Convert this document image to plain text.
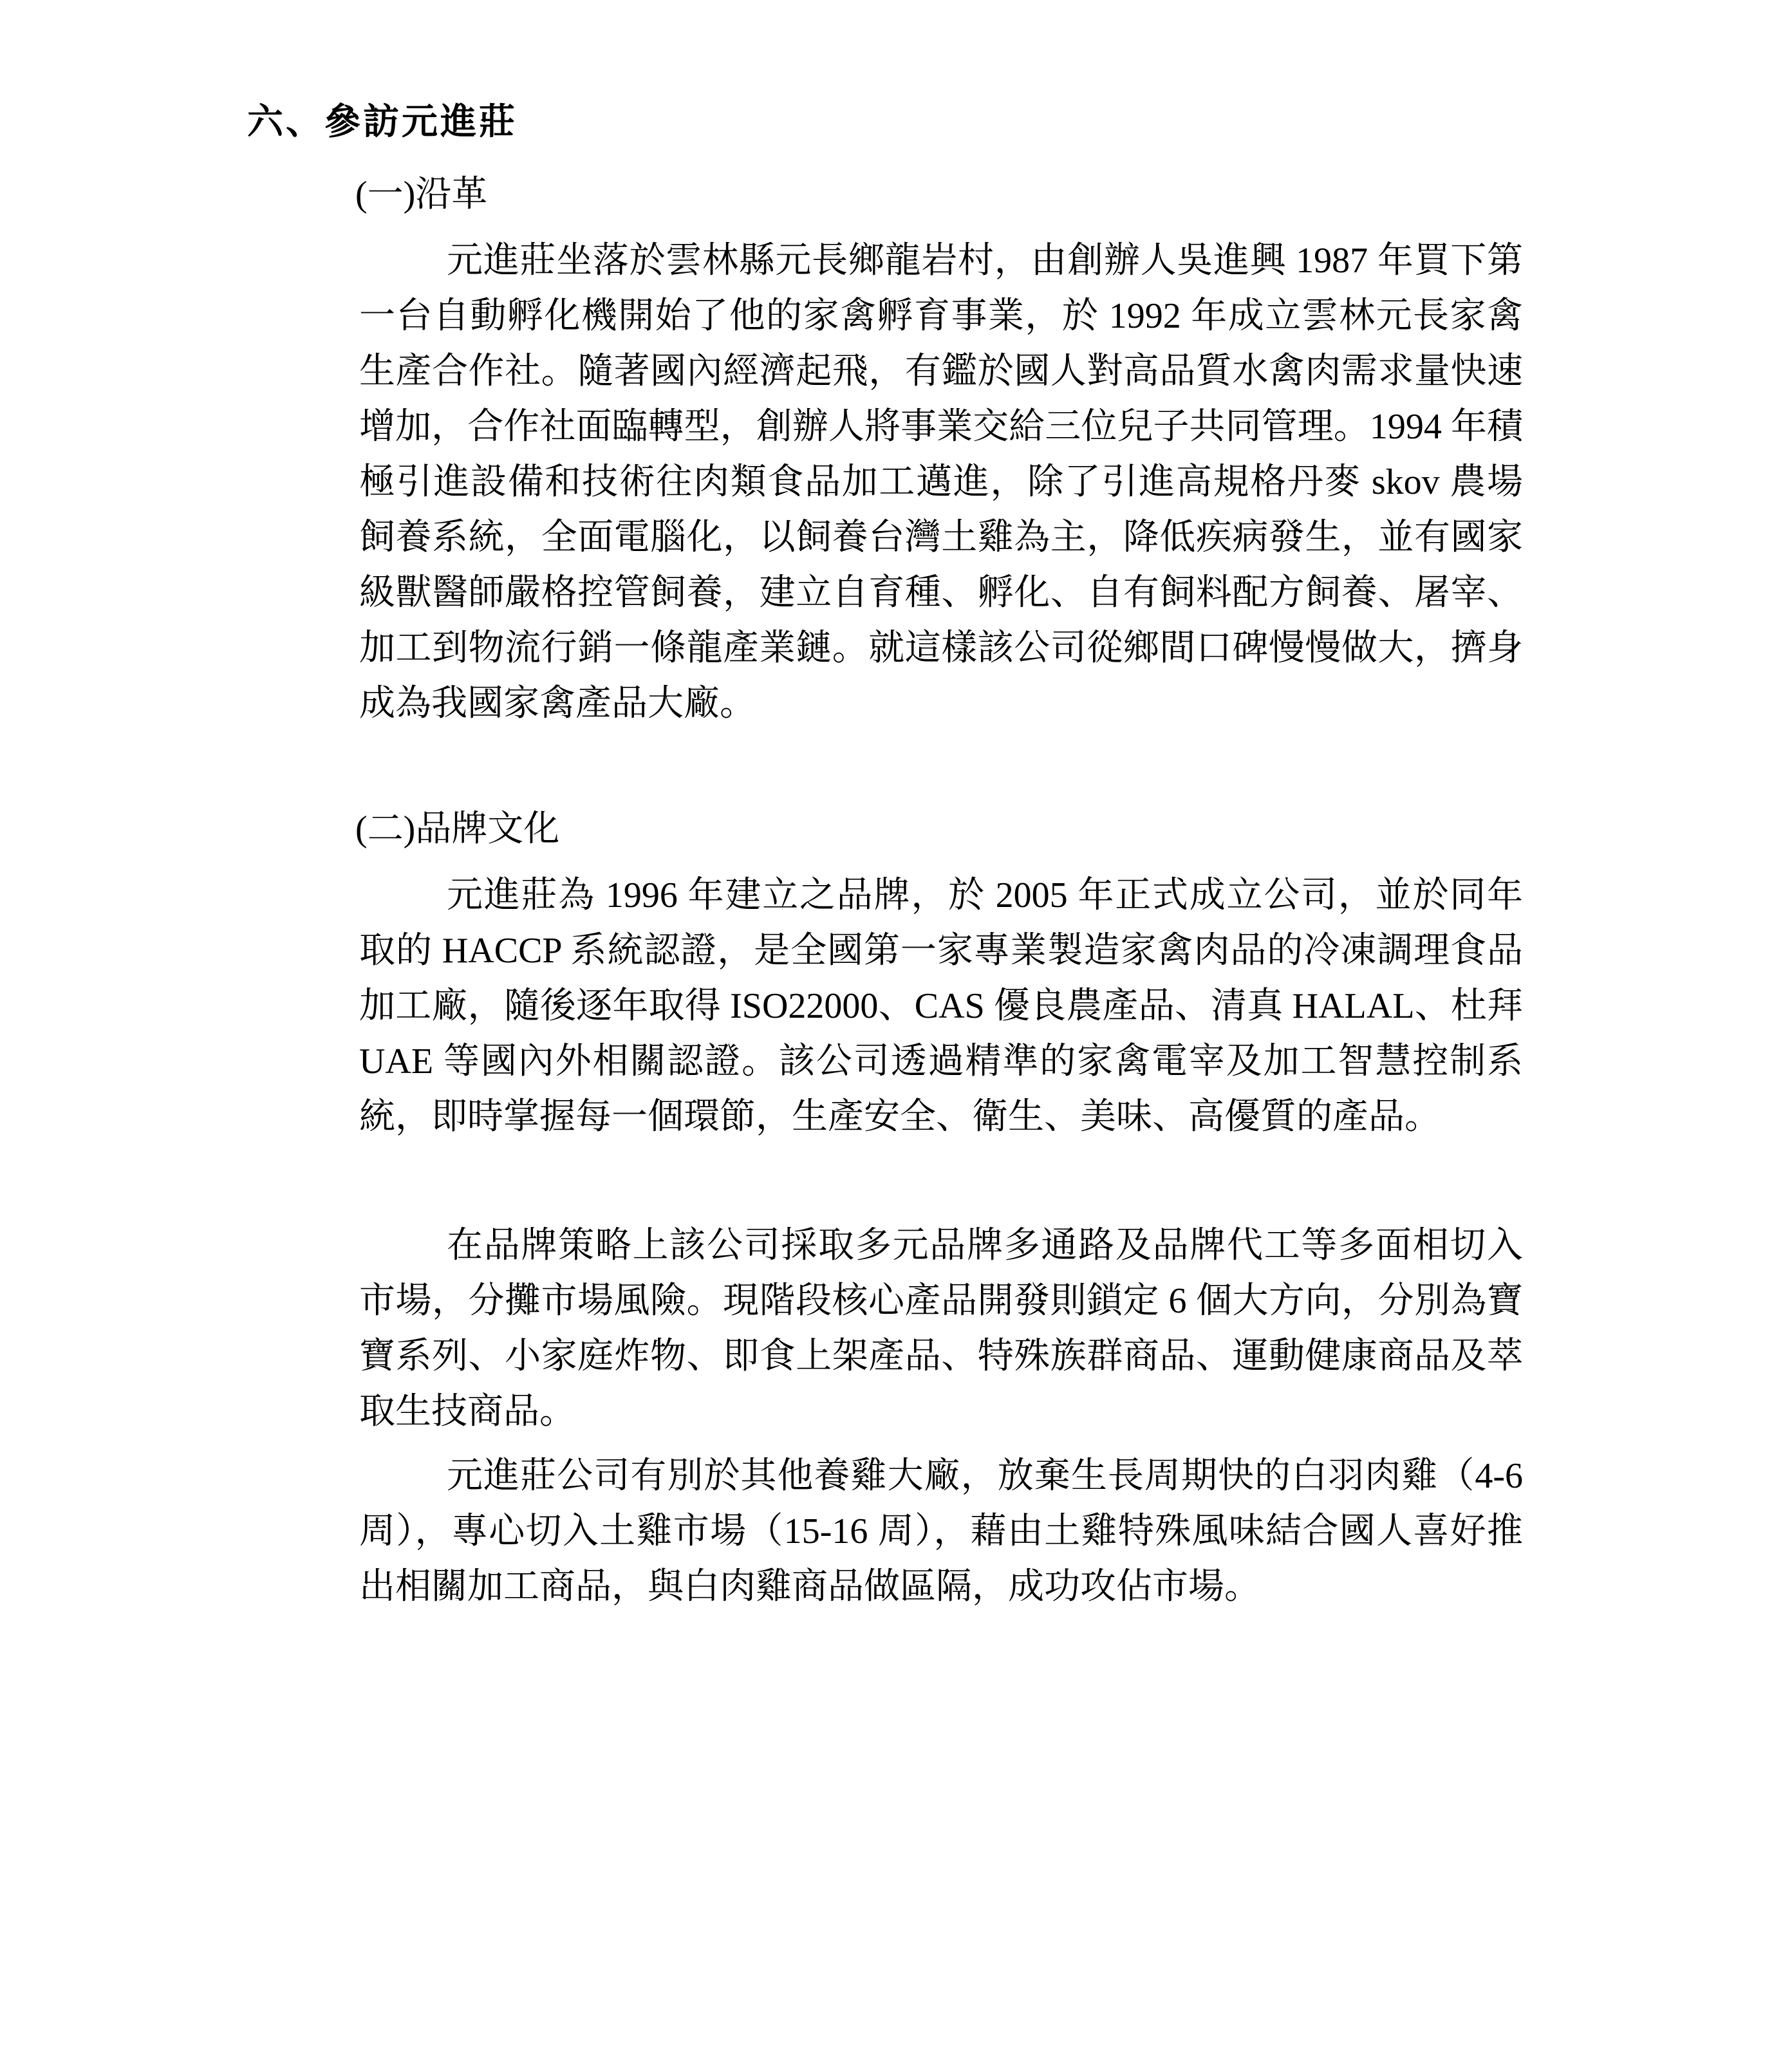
六、參訪元進莊
(一)沿革

元進莊坐落於雲林縣元長鄉龍岩村，由創辦人吳進興 1987 年買下第一台自動孵化機開始了他的家禽孵育事業，於 1992 年成立雲林元長家禽生產合作社。隨著國內經濟起飛，有鑑於國人對高品質水禽肉需求量快速增加，合作社面臨轉型，創辦人將事業交給三位兒子共同管理。1994 年積極引進設備和技術往肉類食品加工邁進，除了引進高規格丹麥 skov 農場飼養系統，全面電腦化，以飼養台灣土雞為主，降低疾病發生，並有國家級獸醫師嚴格控管飼養，建立自育種、孵化、自有飼料配方飼養、屠宰、加工到物流行銷一條龍產業鏈。就這樣該公司從鄉間口碑慢慢做大，擠身成為我國家禽產品大廠。

(二)品牌文化

元進莊為 1996 年建立之品牌，於 2005 年正式成立公司，並於同年取的 HACCP 系統認證，是全國第一家專業製造家禽肉品的冷凍調理食品加工廠，隨後逐年取得 ISO22000、CAS 優良農產品、清真 HALAL、杜拜 UAE 等國內外相關認證。該公司透過精準的家禽電宰及加工智慧控制系統，即時掌握每一個環節，生產安全、衛生、美味、高優質的產品。

在品牌策略上該公司採取多元品牌多通路及品牌代工等多面相切入市場，分攤市場風險。現階段核心產品開發則鎖定 6 個大方向，分別為寶寶系列、小家庭炸物、即食上架產品、特殊族群商品、運動健康商品及萃取生技商品。

元進莊公司有別於其他養雞大廠，放棄生長周期快的白羽肉雞（4-6 周），專心切入土雞市場（15-16 周），藉由土雞特殊風味結合國人喜好推出相關加工商品，與白肉雞商品做區隔，成功攻佔市場。
